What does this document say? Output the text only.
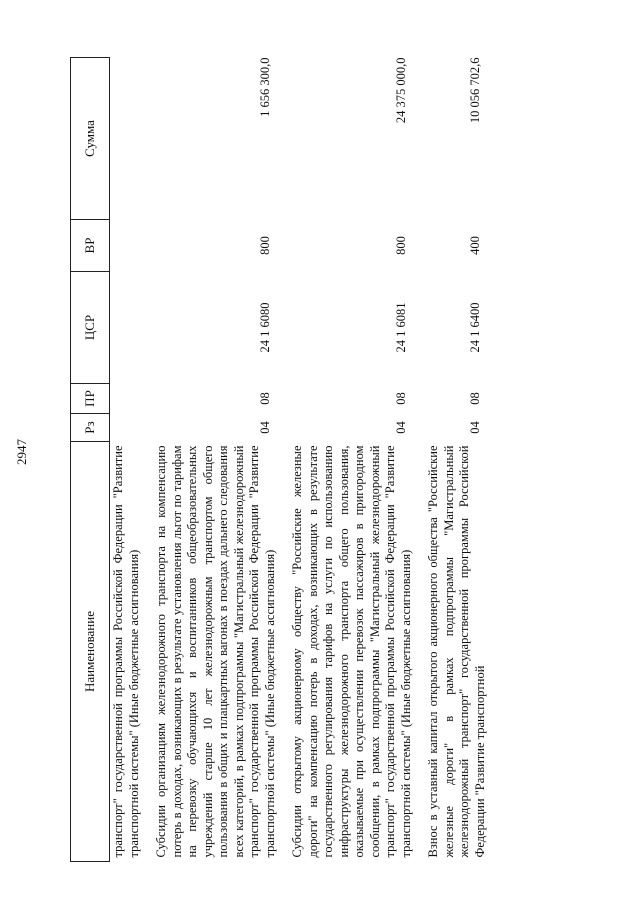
2947
Наименование	Рз	ПР	ЦСР	ВР	Сумма
транспорт" государственной программы Российской Федерации "Развитие транспортной системы" (Иные бюджетные ассигнования)					

Субсидии организациям железнодорожного транспорта на компенсацию потерь в доходах, возникающих в результате установления льгот по тарифам на перевозку обучающихся и воспитанников общеобразовательных учреждений старше 10 лет железнодорожным транспортом общего пользования в общих и плацкартных вагонах в поездах дальнего следования всех категорий, в рамках подпрограммы "Магистральный железнодорожный транспорт" государственной программы Российской Федерации "Развитие транспортной системы" (Иные бюджетные ассигнования)	04	08	24 1 6080	800	1 656 300,0

Субсидии открытому акционерному обществу "Российские железные дороги" на компенсацию потерь в доходах, возникающих в результате государственного регулирования тарифов на услуги по использованию инфраструктуры железнодорожного транспорта общего пользования, оказываемые при осуществлении перевозок пассажиров в пригородном сообщении, в рамках подпрограммы "Магистральный железнодорожный транспорт" государственной программы Российской Федерации "Развитие транспортной системы" (Иные бюджетные ассигнования)	04	08	24 1 6081	800	24 375 000,0

Взнос в уставный капитал открытого акционерного общества "Российские железные дороги" в рамках подпрограммы "Магистральный железнодорожный транспорт" государственной программы Российской Федерации "Развитие транспортной	04	08	24 1 6400	400	10 056 702,6
